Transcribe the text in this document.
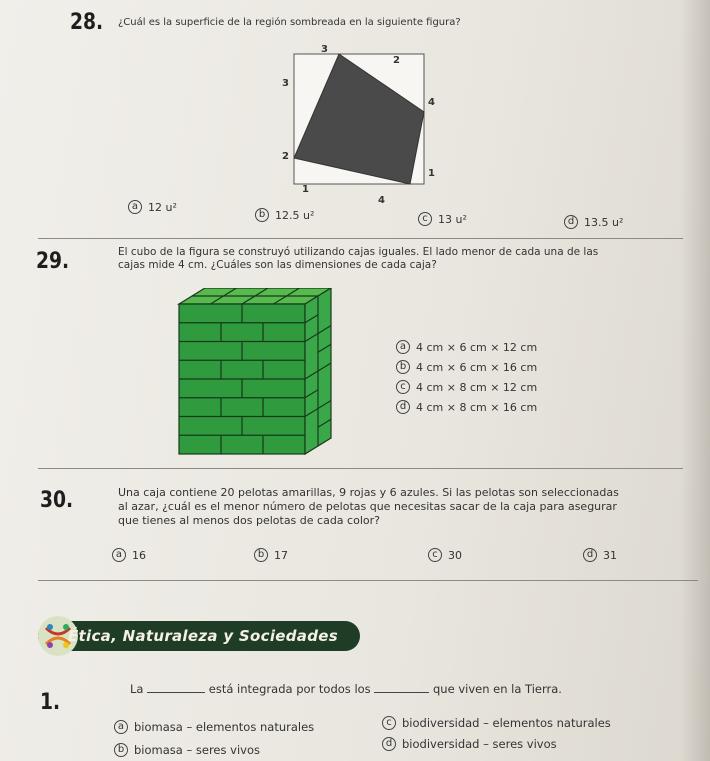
28. ¿Cuál es la superficie de la región sombreada en la siguiente figura?
3
2
3
4
2
1
1
4
a 12 u²
b 12.5 u²	c 13 u²	d 13.5 u²
29.	El cubo de la figura se construyó utilizando cajas iguales. El lado menor de cada una de las
cajas mide 4 cm. ¿Cuáles son las dimensiones de cada caja?
a 4 cm × 6 cm × 12 cm
b 4 cm × 6 cm × 16 cm
c 4 cm × 8 cm × 12 cm
d 4 cm × 8 cm × 16 cm
30.	Una caja contiene 20 pelotas amarillas, 9 rojas y 6 azules. Si las pelotas son seleccionadas
al azar, ¿cuál es el menor número de pelotas que necesitas sacar de la caja para asegurar
que tienes al menos dos pelotas de cada color?
a 16	b 17	c 30	d 31
Ética, Naturaleza y Sociedades
1.
La	está integrada por todos los	que viven en la Tierra.
a biomasa – elementos naturales
b biomasa – seres vivos
c biodiversidad – elementos naturales
d biodiversidad – seres vivos
